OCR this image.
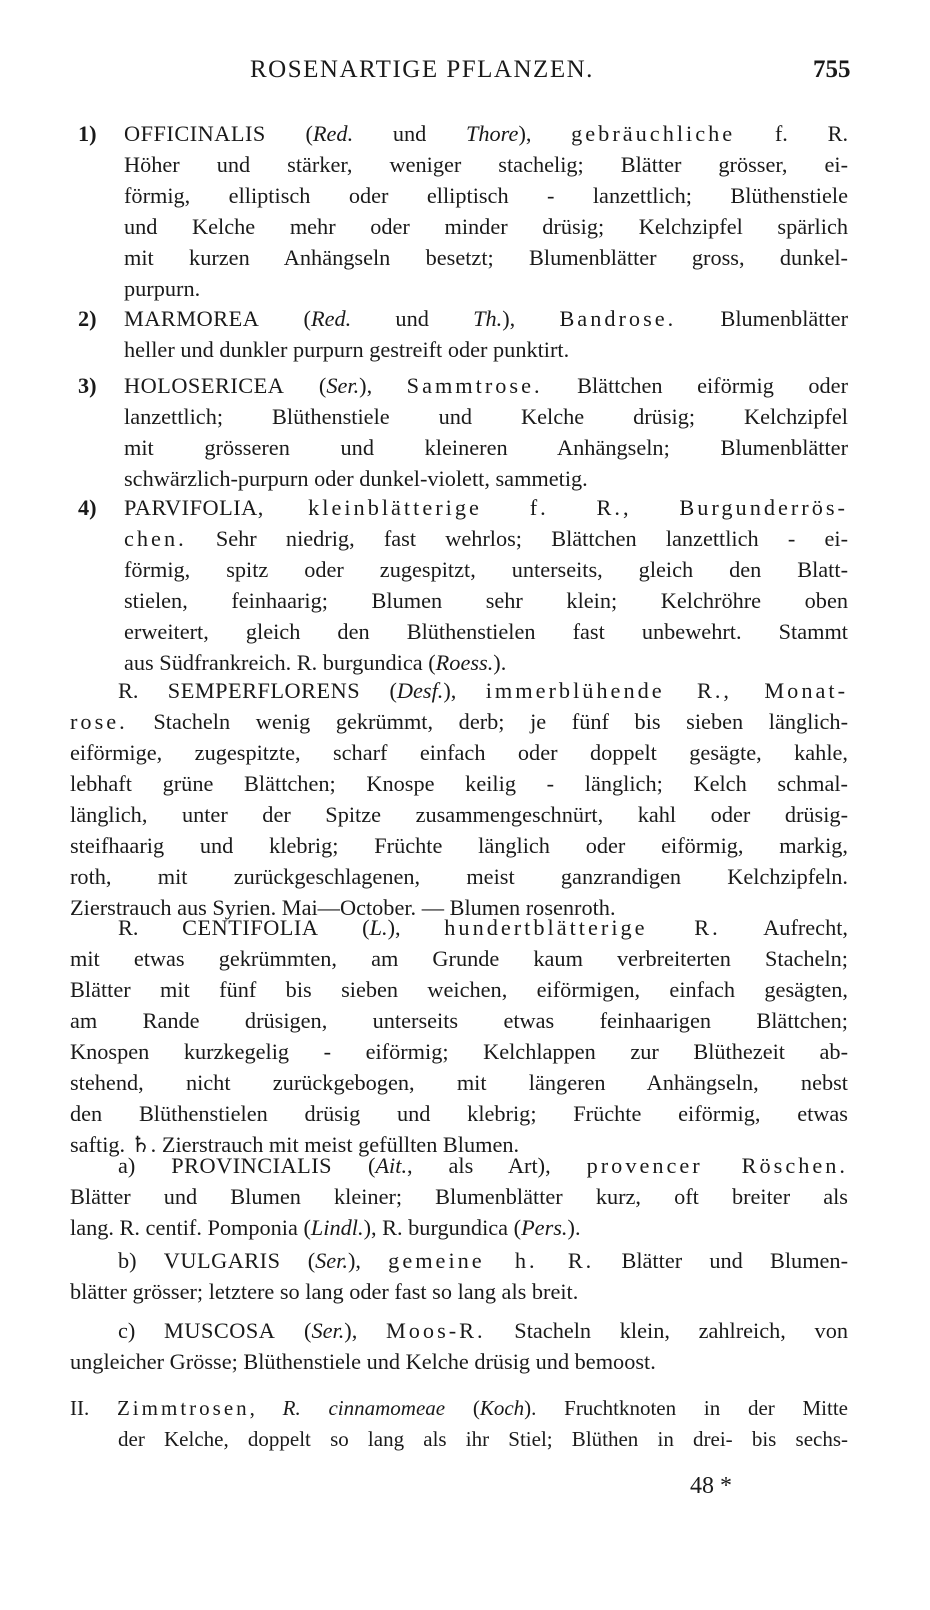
ROSENARTIGE PFLANZEN.	755
1) OFFICINALIS (Red. und Thore), gebräuchliche f. R.
Höher und stärker, weniger stachelig; Blätter grösser, ei-
förmig, elliptisch oder elliptisch - lanzettlich; Blüthenstiele
und Kelche mehr oder minder drüsig; Kelchzipfel spärlich
mit kurzen Anhängseln besetzt; Blumenblätter gross, dunkel-
purpurn.
2) MARMOREA (Red. und Th.), Bandrose. Blumenblätter
heller und dunkler purpurn gestreift oder punktirt.
3) HOLOSERICEA (Ser.), Sammtrose. Blättchen eiförmig oder
lanzettlich; Blüthenstiele und Kelche drüsig; Kelchzipfel
mit grösseren und kleineren Anhängseln; Blumenblätter
schwärzlich-purpurn oder dunkel-violett, sammetig.
4) PARVIFOLIA, kleinblätterige f. R., Burgunderrös-
chen. Sehr niedrig, fast wehrlos; Blättchen lanzettlich - ei-
förmig, spitz oder zugespitzt, unterseits, gleich den Blatt-
stielen, feinhaarig; Blumen sehr klein; Kelchröhre oben
erweitert, gleich den Blüthenstielen fast unbewehrt. Stammt
aus Südfrankreich. R. burgundica (Roess.).
R. SEMPERFLORENS (Desf.), immerblühende R., Monat-
rose. Stacheln wenig gekrümmt, derb; je fünf bis sieben länglich-
eiförmige, zugespitzte, scharf einfach oder doppelt gesägte, kahle,
lebhaft grüne Blättchen; Knospe keilig - länglich; Kelch schmal-
länglich, unter der Spitze zusammengeschnürt, kahl oder drüsig-
steifhaarig und klebrig; Früchte länglich oder eiförmig, markig,
roth, mit zurückgeschlagenen, meist ganzrandigen Kelchzipfeln.
Zierstrauch aus Syrien. Mai—October. — Blumen rosenroth.
R. CENTIFOLIA (L.), hundertblätterige R. Aufrecht,
mit etwas gekrümmten, am Grunde kaum verbreiterten Stacheln;
Blätter mit fünf bis sieben weichen, eiförmigen, einfach gesägten,
am Rande drüsigen, unterseits etwas feinhaarigen Blättchen;
Knospen kurzkegelig - eiförmig; Kelchlappen zur Blüthezeit ab-
stehend, nicht zurückgebogen, mit längeren Anhängseln, nebst
den Blüthenstielen drüsig und klebrig; Früchte eiförmig, etwas
saftig. ♄. Zierstrauch mit meist gefüllten Blumen.
a) PROVINCIALIS (Ait., als Art), provencer Röschen.
Blätter und Blumen kleiner; Blumenblätter kurz, oft breiter als
lang. R. centif. Pomponia (Lindl.), R. burgundica (Pers.).
b) VULGARIS (Ser.), gemeine h. R. Blätter und Blumen-
blätter grösser; letztere so lang oder fast so lang als breit.
c) MUSCOSA (Ser.), Moos-R. Stacheln klein, zahlreich, von
ungleicher Grösse; Blüthenstiele und Kelche drüsig und bemoost.
II. Zimmtrosen, R. cinnamomeae (Koch). Fruchtknoten in der Mitte
der Kelche, doppelt so lang als ihr Stiel; Blüthen in drei- bis sechs-
48 *
